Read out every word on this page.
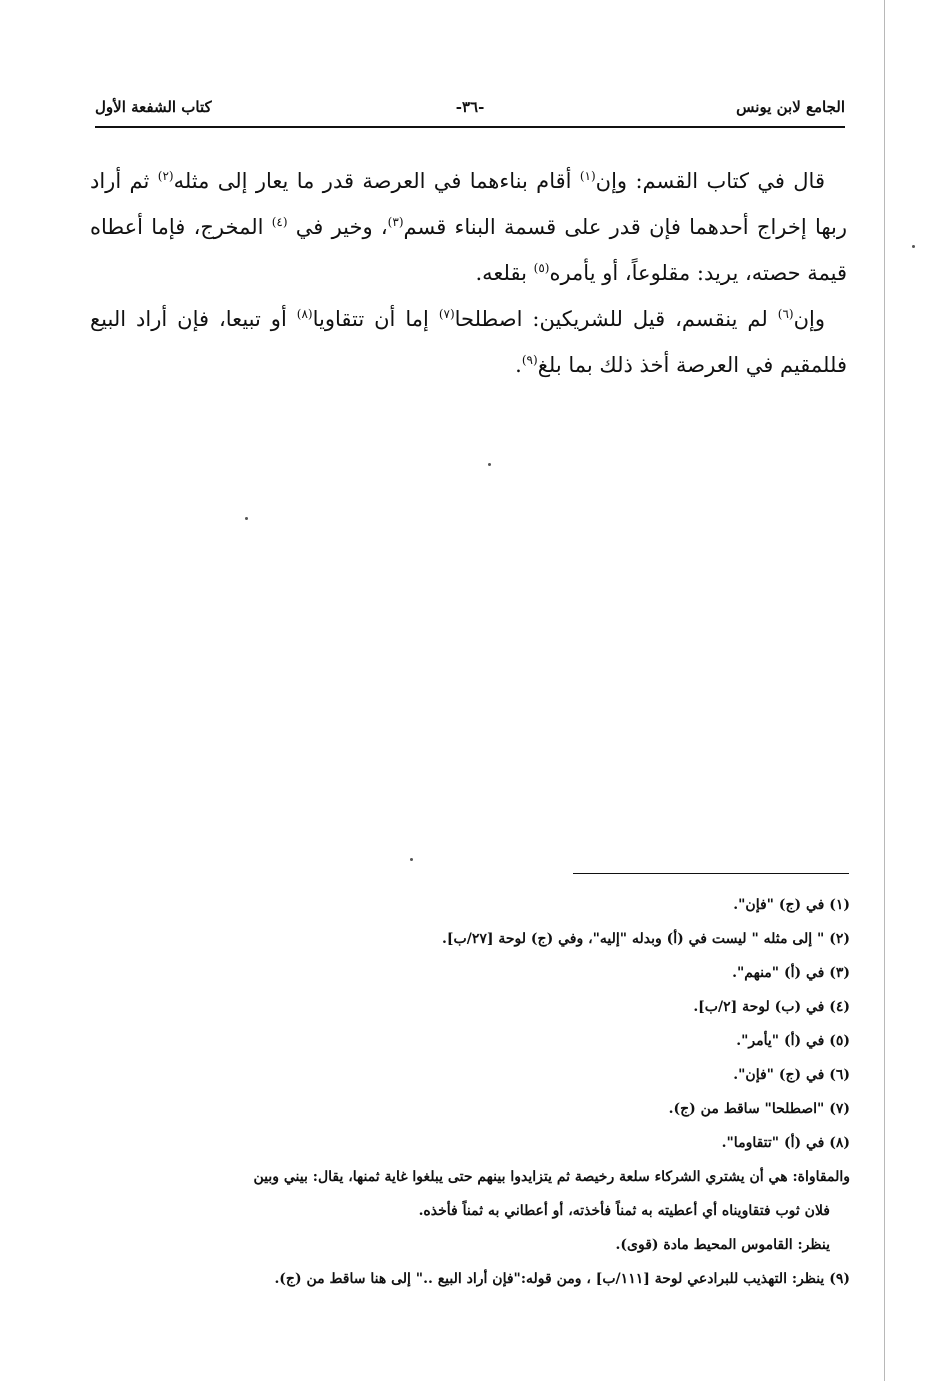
الجامع لابن يونس
-٣٦-
كتاب الشفعة الأول

قال في كتاب القسم: وإن$^{(١)}$ أقام بناءهما في العرصة قدر ما يعار إلى مثله$^{(٢)}$ ثم أراد ربها إخراج أحدهما فإن قدر على قسمة البناء قسم$^{(٣)}$، وخير في $^{(٤)}$ المخرج، فإما أعطاه قيمة حصته، يريد: مقلوعاً، أو يأمره$^{(٥)}$ بقلعه.

وإن$^{(٦)}$ لم ينقسم، قيل للشريكين: اصطلحا$^{(٧)}$ إما أن تتقاويا$^{(٨)}$ أو تبيعا، فإن أراد البيع فللمقيم في العرصة أخذ ذلك بما بلغ$^{(٩)}$.

(١) في (ج) "فإن".
(٢) " إلى مثله " ليست في (أ) وبدله "إليه"، وفي (ج) لوحة [٢٧/ب].
(٣) في (أ) "منهم".
(٤) في (ب) لوحة [٢/ب].
(٥) في (أ) "يأمر".
(٦) في (ج) "فإن".
(٧) "اصطلحا" ساقط من (ج).
(٨) في (أ) "تتقاوما".
والمقاواة: هي أن يشتري الشركاء سلعة رخيصة ثم يتزايدوا بينهم حتى يبلغوا غاية ثمنها، يقال: بيني وبين
فلان ثوب فتقاويناه أي أعطيته به ثمناً فأخذته، أو أعطاني به ثمناً فأخذه.
ينظر: القاموس المحيط مادة (قوى).
(٩) ينظر: التهذيب للبرادعي لوحة [١١١/ب] ، ومن قوله:"فإن أراد البيع .." إلى هنا ساقط من (ج).
